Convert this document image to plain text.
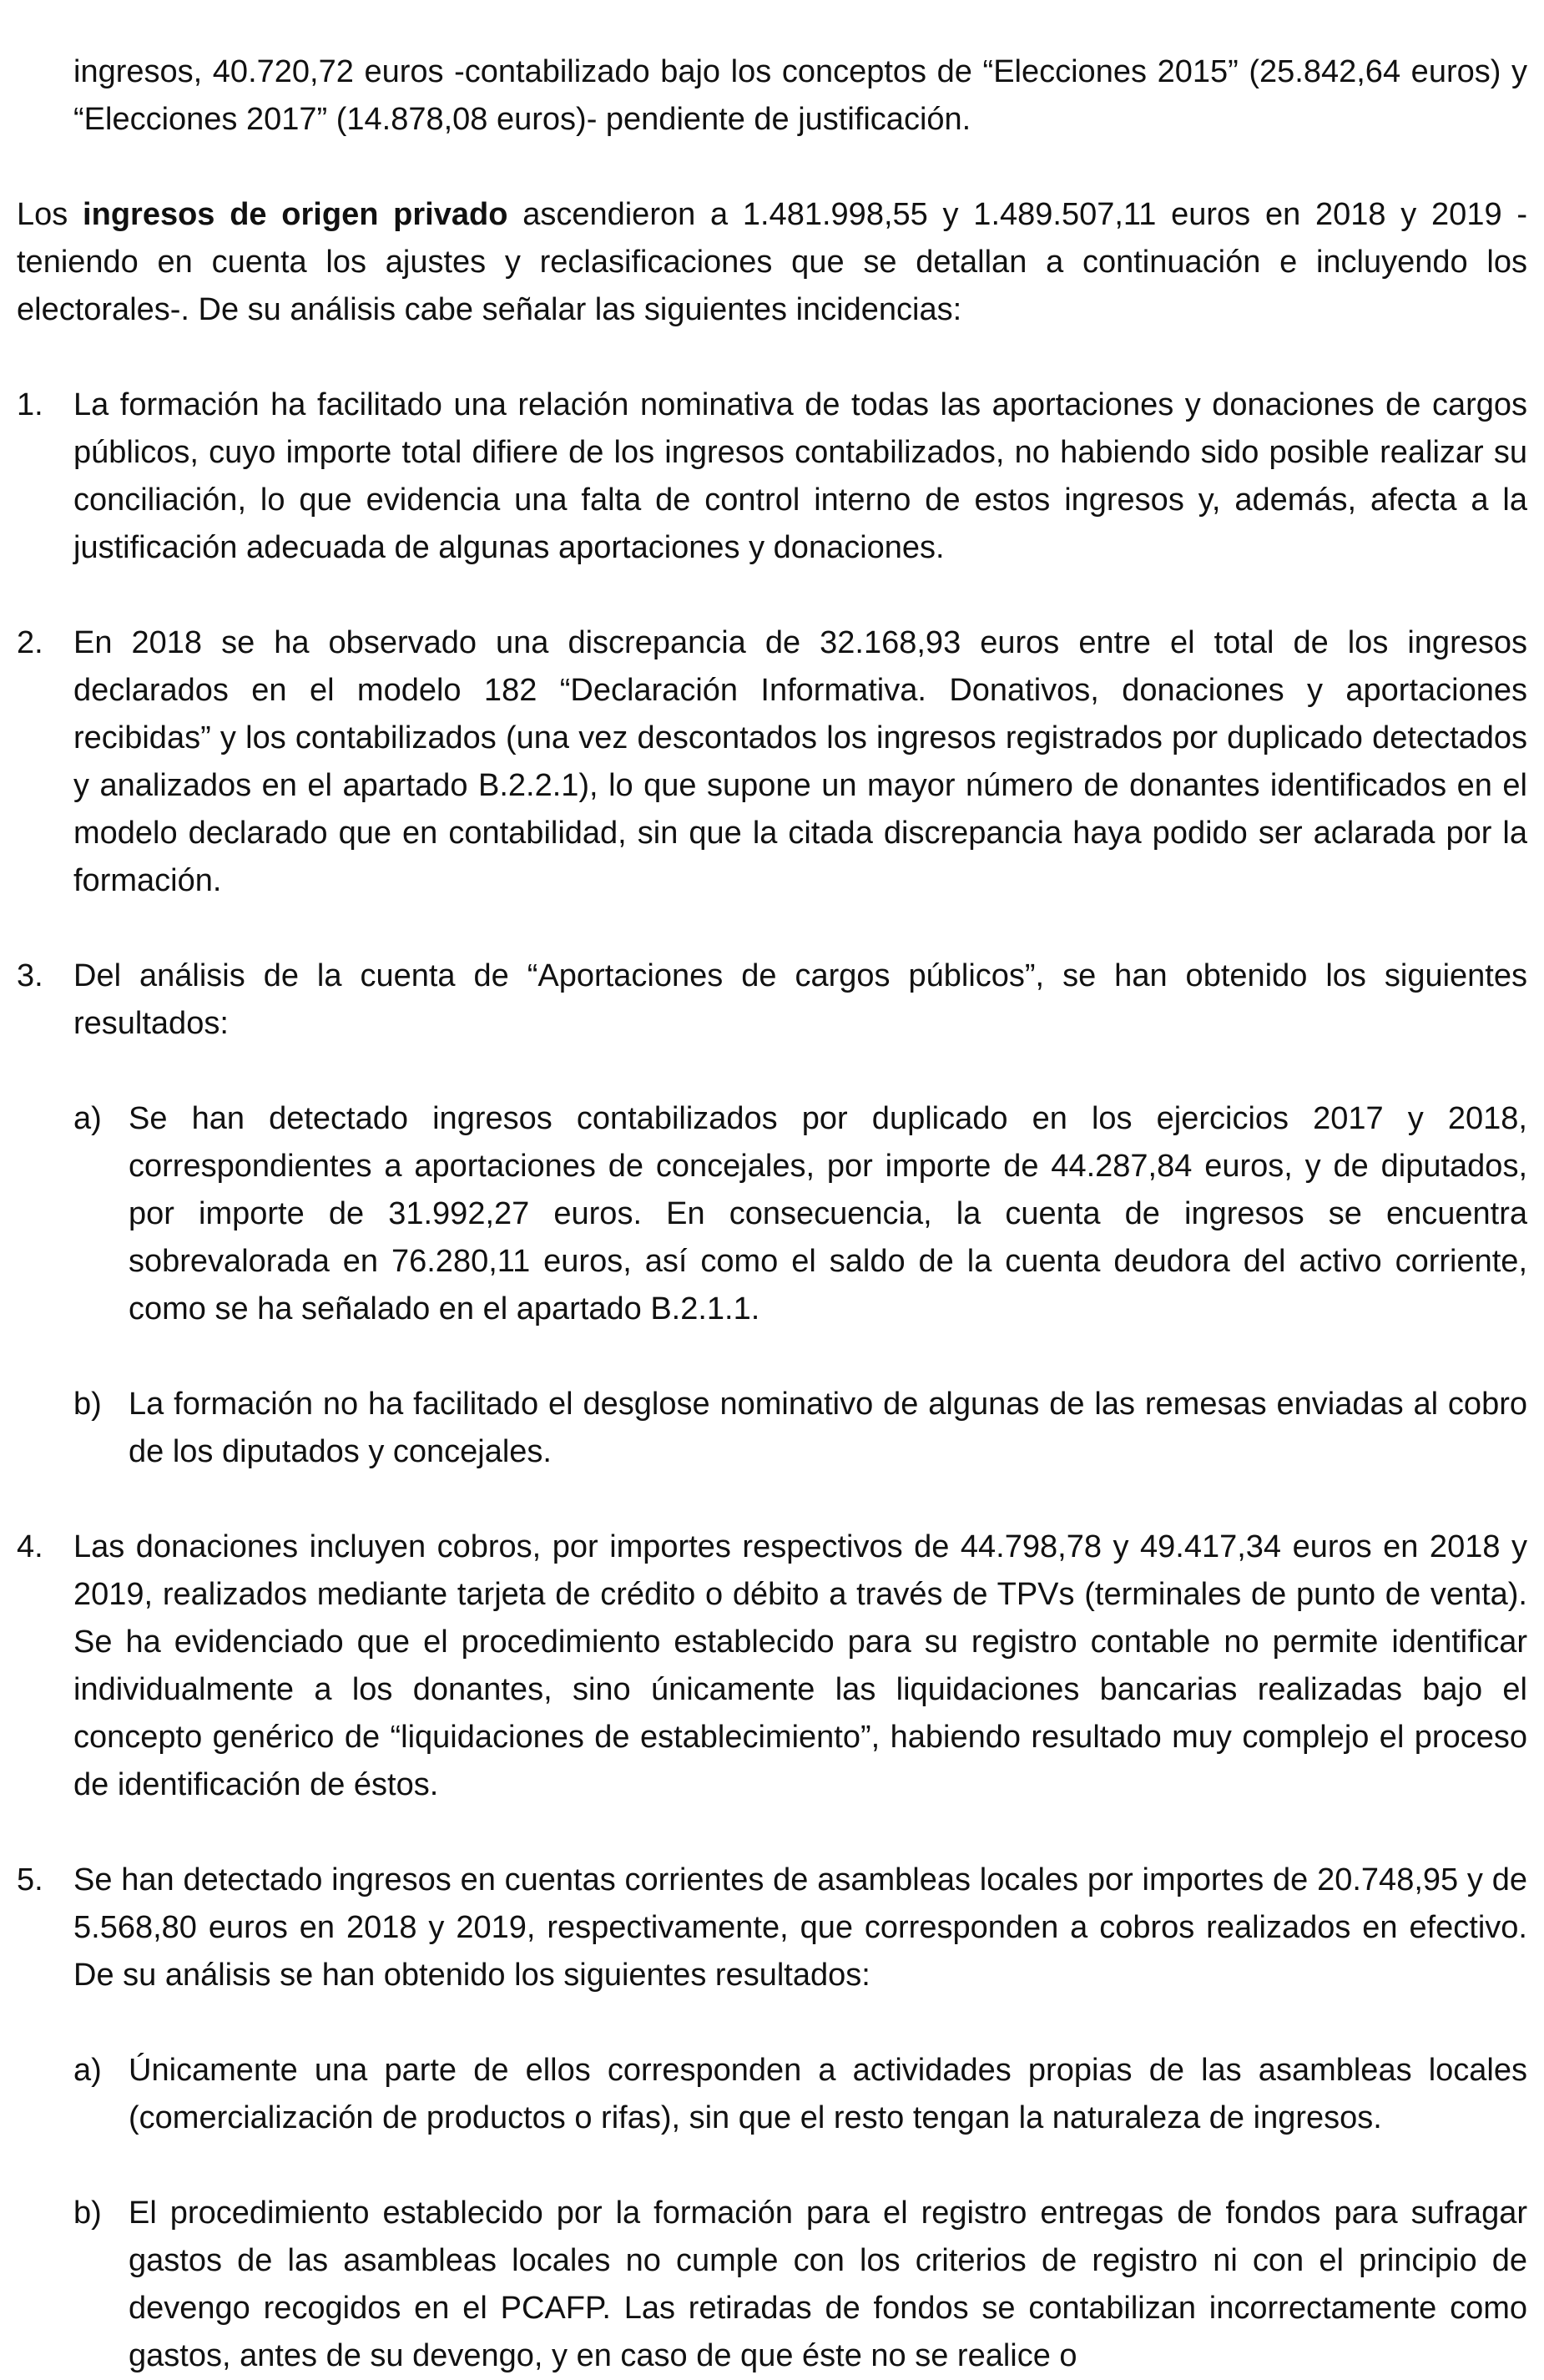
ingresos, 40.720,72 euros -contabilizado bajo los conceptos de “Elecciones 2015” (25.842,64 euros) y “Elecciones 2017” (14.878,08 euros)- pendiente de justificación.

Los ingresos de origen privado ascendieron a 1.481.998,55 y 1.489.507,11 euros en 2018 y 2019 -teniendo en cuenta los ajustes y reclasificaciones que se detallan a continuación e incluyendo los electorales-. De su análisis cabe señalar las siguientes incidencias:

1. La formación ha facilitado una relación nominativa de todas las aportaciones y donaciones de cargos públicos, cuyo importe total difiere de los ingresos contabilizados, no habiendo sido posible realizar su conciliación, lo que evidencia una falta de control interno de estos ingresos y, además, afecta a la justificación adecuada de algunas aportaciones y donaciones.
2. En 2018 se ha observado una discrepancia de 32.168,93 euros entre el total de los ingresos declarados en el modelo 182 “Declaración Informativa. Donativos, donaciones y aportaciones recibidas” y los contabilizados (una vez descontados los ingresos registrados por duplicado detectados y analizados en el apartado B.2.2.1), lo que supone un mayor número de donantes identificados en el modelo declarado que en contabilidad, sin que la citada discrepancia haya podido ser aclarada por la formación.
3. Del análisis de la cuenta de “Aportaciones de cargos públicos”, se han obtenido los siguientes resultados:
a) Se han detectado ingresos contabilizados por duplicado en los ejercicios 2017 y 2018, correspondientes a aportaciones de concejales, por importe de 44.287,84 euros, y de diputados, por importe de 31.992,27 euros. En consecuencia, la cuenta de ingresos se encuentra sobrevalorada en 76.280,11 euros, así como el saldo de la cuenta deudora del activo corriente, como se ha señalado en el apartado B.2.1.1.
b) La formación no ha facilitado el desglose nominativo de algunas de las remesas enviadas al cobro de los diputados y concejales.
4. Las donaciones incluyen cobros, por importes respectivos de 44.798,78 y 49.417,34 euros en 2018 y 2019, realizados mediante tarjeta de crédito o débito a través de TPVs (terminales de punto de venta). Se ha evidenciado que el procedimiento establecido para su registro contable no permite identificar individualmente a los donantes, sino únicamente las liquidaciones bancarias realizadas bajo el concepto genérico de “liquidaciones de establecimiento”, habiendo resultado muy complejo el proceso de identificación de éstos.
5. Se han detectado ingresos en cuentas corrientes de asambleas locales por importes de 20.748,95 y de 5.568,80 euros en 2018 y 2019, respectivamente, que corresponden a cobros realizados en efectivo. De su análisis se han obtenido los siguientes resultados:
a) Únicamente una parte de ellos corresponden a actividades propias de las asambleas locales (comercialización de productos o rifas), sin que el resto tengan la naturaleza de ingresos.
b) El procedimiento establecido por la formación para el registro entregas de fondos para sufragar gastos de las asambleas locales no cumple con los criterios de registro ni con el principio de devengo recogidos en el PCAFP. Las retiradas de fondos se contabilizan incorrectamente como gastos, antes de su devengo, y en caso de que éste no se realice o
